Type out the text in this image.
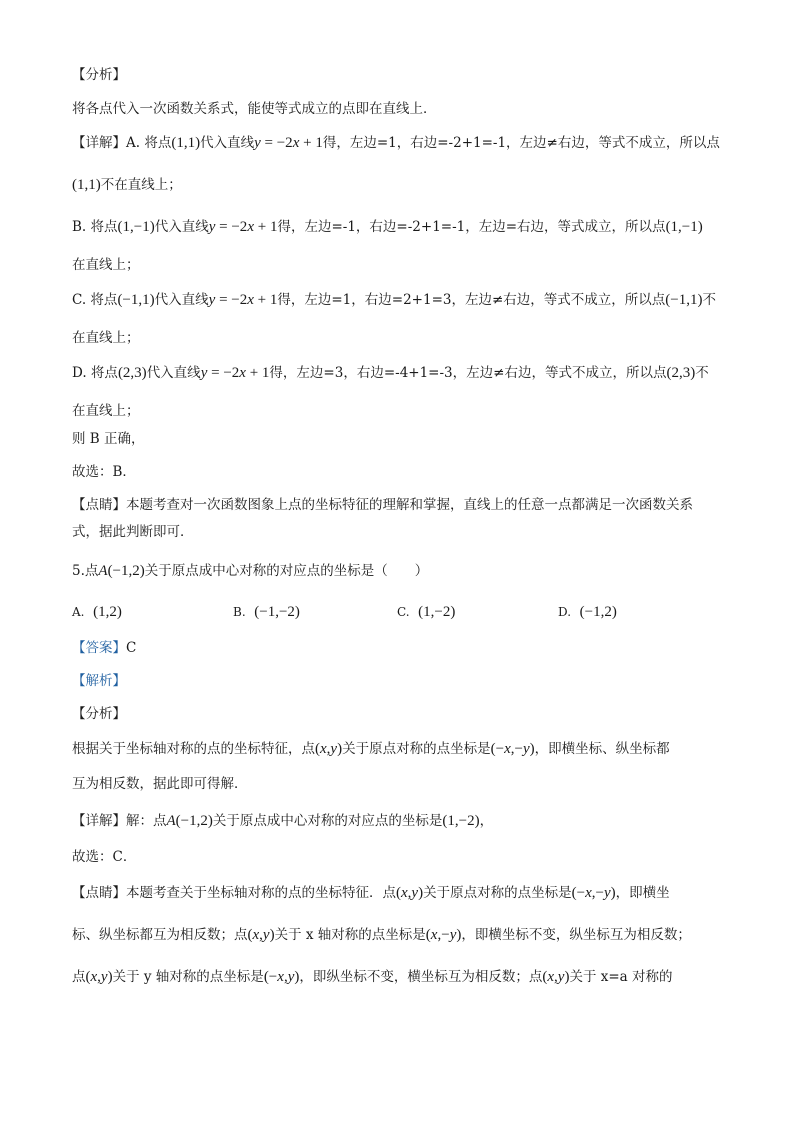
【分析】
将各点代入一次函数关系式，能使等式成立的点即在直线上．
【详解】A. 将点(1,1)代入直线y = −2x + 1得，左边=1，右边=-2+1=-1，左边≠右边，等式不成立，所以点
(1,1)不在直线上；
B. 将点(1,−1)代入直线y = −2x + 1得，左边=-1，右边=-2+1=-1，左边=右边，等式成立，所以点(1,−1)
在直线上；
C. 将点(−1,1)代入直线y = −2x + 1得，左边=1，右边=2+1=3，左边≠右边，等式不成立，所以点(−1,1)不
在直线上；
D. 将点(2,3)代入直线y = −2x + 1得，左边=3，右边=-4+1=-3，左边≠右边，等式不成立，所以点(2,3)不
在直线上；
则 B 正确，
故选：B．
【点睛】本题考查对一次函数图象上点的坐标特征的理解和掌握，直线上的任意一点都满足一次函数关系
式，据此判断即可．
5.点A(−1,2)关于原点成中心对称的对应点的坐标是（　　）
A. (1,2)	B. (−1,−2)	C. (1,−2)	D. (−1,2)
【答案】C
【解析】
【分析】
根据关于坐标轴对称的点的坐标特征，点(x,y)关于原点对称的点坐标是(−x,−y)，即横坐标、纵坐标都
互为相反数，据此即可得解．
【详解】解：点A(−1,2)关于原点成中心对称的对应点的坐标是(1,−2)，
故选：C．
【点睛】本题考查关于坐标轴对称的点的坐标特征．点(x,y)关于原点对称的点坐标是(−x,−y)，即横坐
标、纵坐标都互为相反数；点(x,y)关于 x 轴对称的点坐标是(x,−y)，即横坐标不变，纵坐标互为相反数；
点(x,y)关于 y 轴对称的点坐标是(−x,y)，即纵坐标不变，横坐标互为相反数；点(x,y)关于 x=a 对称的
